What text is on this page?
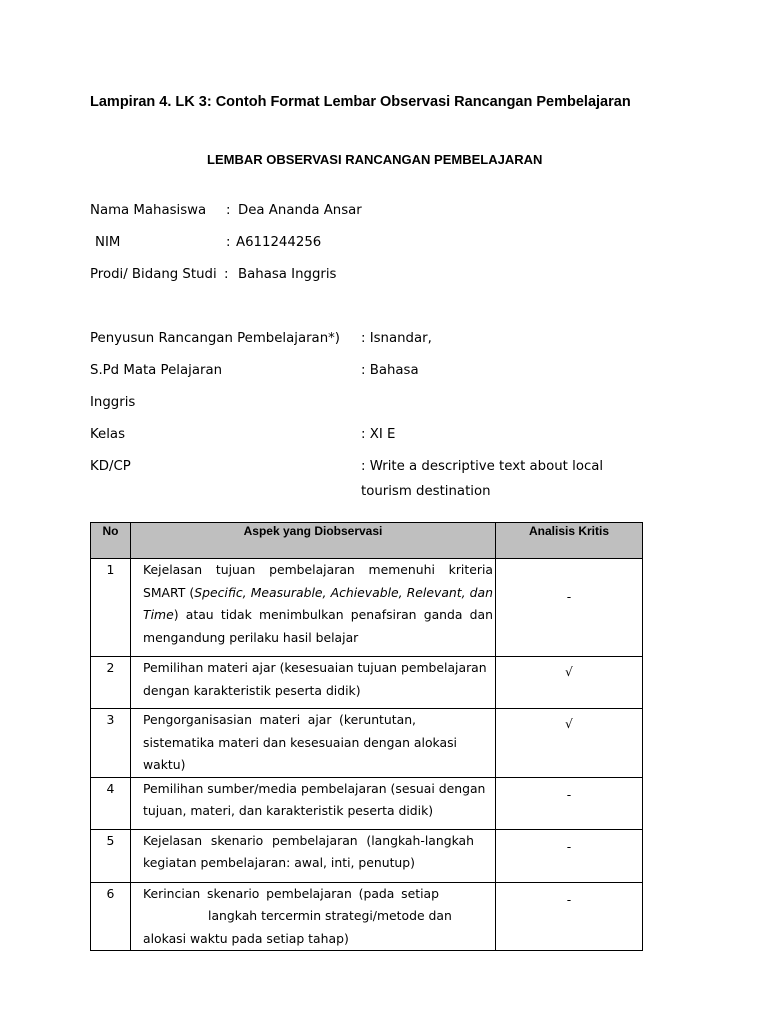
Lampiran 4. LK 3: Contoh Format Lembar Observasi Rancangan Pembelajaran
LEMBAR OBSERVASI RANCANGAN PEMBELAJARAN
Nama Mahasiswa : Dea Ananda Ansar
NIM	: A611244256
Prodi/ Bidang Studi : Bahasa Inggris
Penyusun Rancangan Pembelajaran*) : Isnandar,
S.Pd Mata Pelajaran	: Bahasa
Inggris
Kelas	: XI E
KD/CP	: Write a descriptive text about local
tourism destination
No	Aspek yang Diobservasi	Analisis Kritis
1	Kejelasan tujuan pembelajaran memenuhi kriteria
SMART (Specific, Measurable, Achievable, Relevant, dan
Time) atau tidak menimbulkan penafsiran ganda dan
mengandung perilaku hasil belajar	-
2	Pemilihan materi ajar (kesesuaian tujuan pembelajaran
dengan karakteristik peserta didik)	√
3	Pengorganisasian materi ajar (keruntutan,
sistematika materi dan kesesuaian dengan alokasi
waktu)	√
4	Pemilihan sumber/media pembelajaran (sesuai dengan
tujuan, materi, dan karakteristik peserta didik)	-
5	Kejelasan skenario pembelajaran (langkah-langkah
kegiatan pembelajaran: awal, inti, penutup)	-
6	Kerincian skenario pembelajaran (pada setiap
langkah tercermin strategi/metode dan
alokasi waktu pada setiap tahap)	-
